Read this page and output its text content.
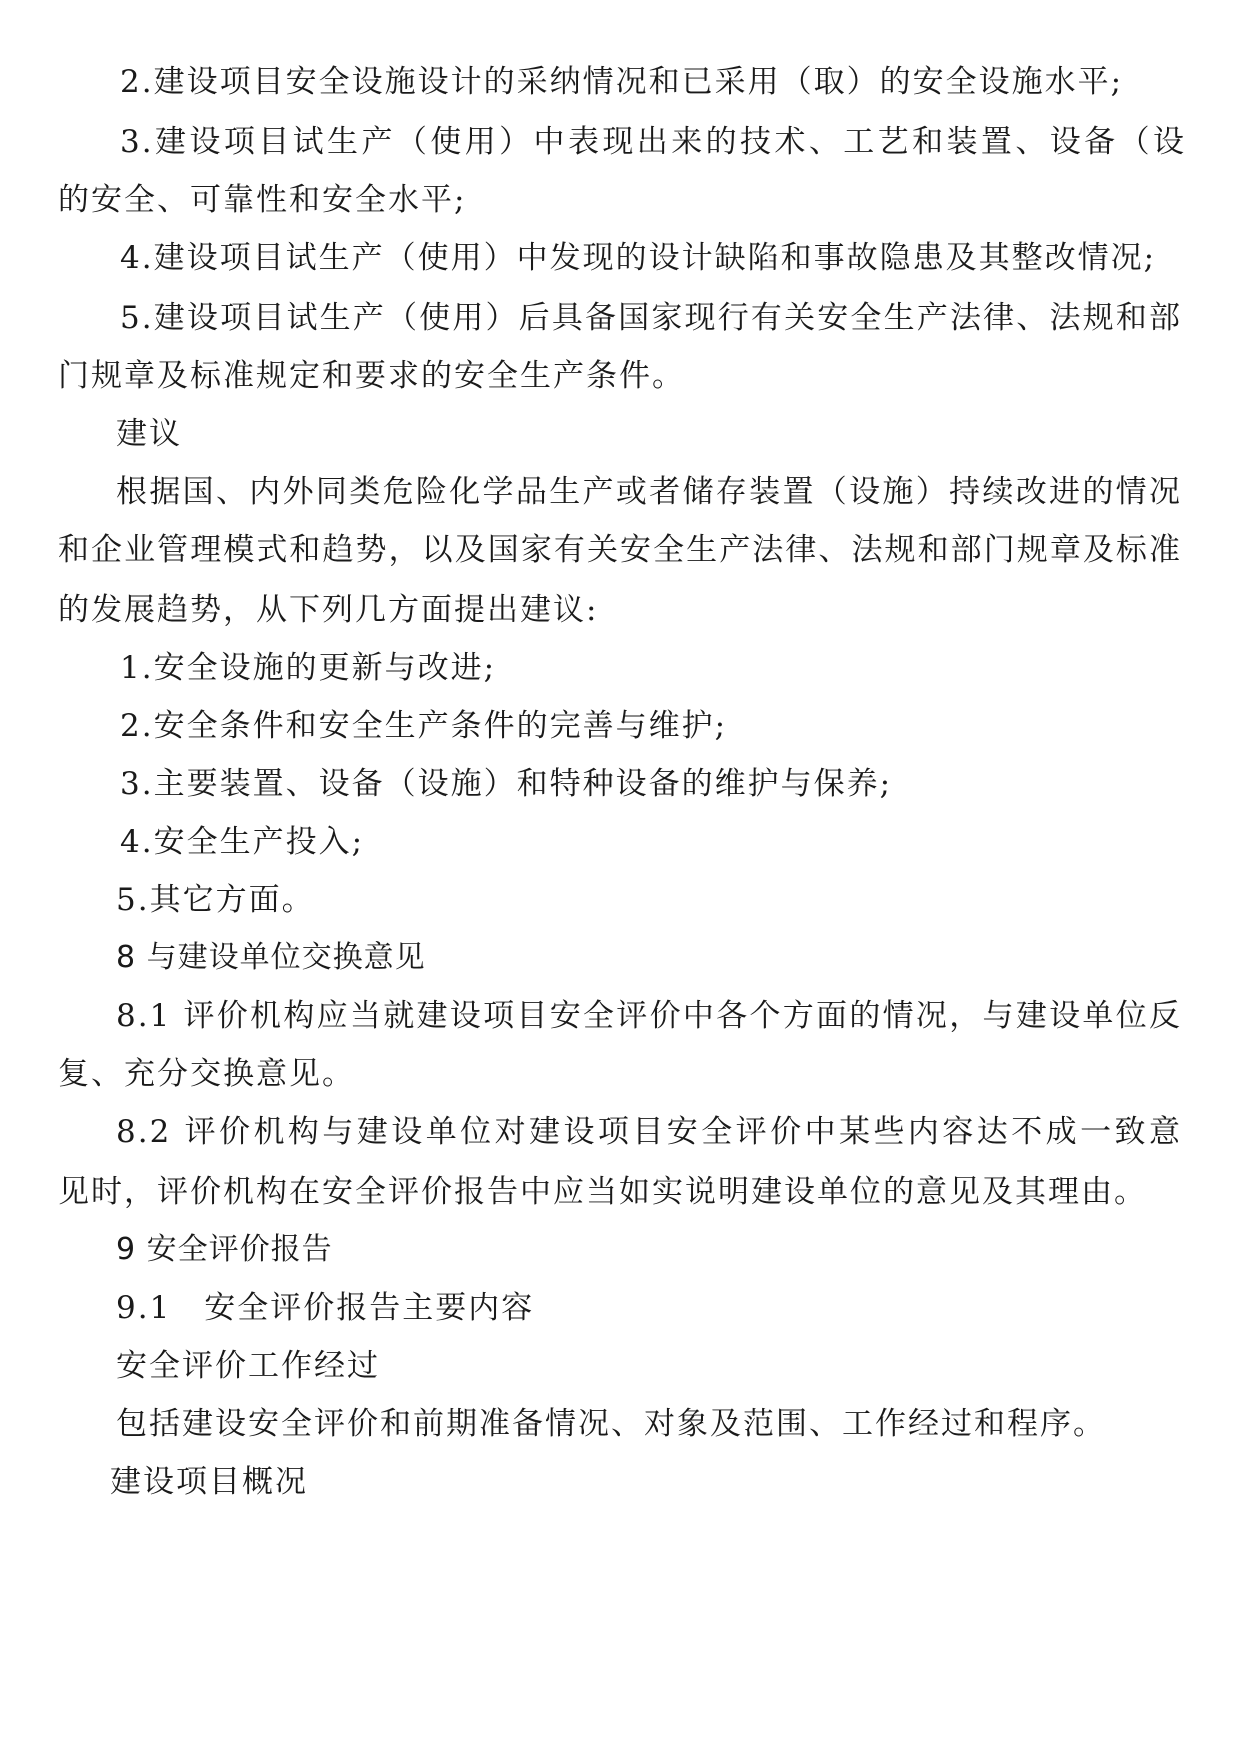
2.建设项目安全设施设计的采纳情况和已采用（取）的安全设施水平;
3.建设项目试生产（使用）中表现出来的技术、工艺和装置、设备（设
的安全、可靠性和安全水平;
4.建设项目试生产（使用）中发现的设计缺陷和事故隐患及其整改情况;
5.建设项目试生产（使用）后具备国家现行有关安全生产法律、法规和部
门规章及标准规定和要求的安全生产条件。
建议
根据国、内外同类危险化学品生产或者储存装置（设施）持续改进的情况
和企业管理模式和趋势，以及国家有关安全生产法律、法规和部门规章及标准
的发展趋势，从下列几方面提出建议:
1.安全设施的更新与改进;
2.安全条件和安全生产条件的完善与维护;
3.主要装置、设备（设施）和特种设备的维护与保养;
4.安全生产投入;
5.其它方面。
8 与建设单位交换意见
8.1 评价机构应当就建设项目安全评价中各个方面的情况，与建设单位反
复、充分交换意见。
8.2 评价机构与建设单位对建设项目安全评价中某些内容达不成一致意
见时，评价机构在安全评价报告中应当如实说明建设单位的意见及其理由。
9 安全评价报告
9.1　安全评价报告主要内容
安全评价工作经过
包括建设安全评价和前期准备情况、对象及范围、工作经过和程序。
建设项目概况
